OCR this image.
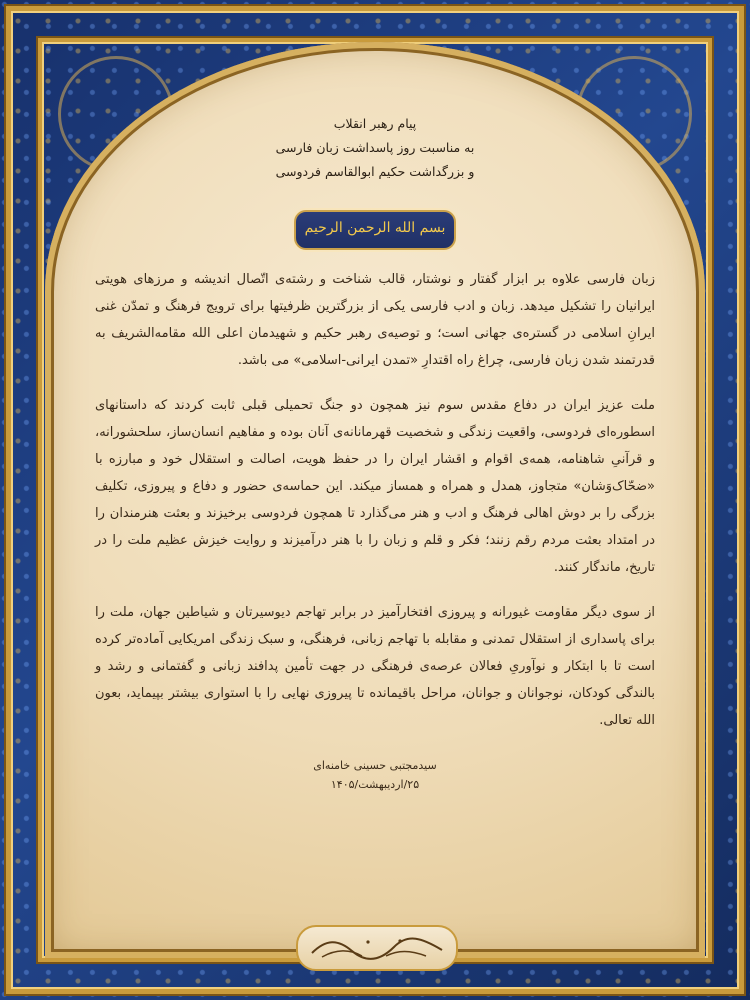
پیام رهبر انقلاب
به مناسبت روز پاسداشت زبان فارسی
و بزرگداشت حکیم ابوالقاسم فردوسی
بسم الله الرحمن الرحیم

زبان فارسی علاوه بر ابزار گفتار و نوشتار، قالب شناخت و رشته‌ی اتّصال اندیشه و مرزهای هویتی ایرانیان را تشکیل میدهد. زبان و ادب فارسی یکی از بزرگترین ظرفیتها برای ترویج فرهنگ و تمدّن غنی ایرانِ اسلامی در گستره‌ی جهانی است؛ و توصیه‌ی رهبر حکیم و شهیدمان اعلی الله مقامه‌الشریف به قدرتمند شدن زبان فارسی، چراغ راه اقتدارِ «تمدن ایرانی-اسلامی» می باشد.

ملت عزیز ایران در دفاع مقدس سوم نیز همچون دو جنگ تحمیلی قبلی ثابت کردند که داستانهای اسطوره‌ای فردوسی، واقعیت زندگی و شخصیت قهرمانانه‌ی آنان بوده و مفاهیم انسان‌ساز، سلحشورانه، و قرآنیِ شاهنامه، همه‌ی اقوام و اقشار ایران را در حفظ هویت، اصالت و استقلال خود و مبارزه با «ضحّاک‌وَشان» متجاوز، همدل و همراه و همساز میکند. این حماسه‌ی حضور و دفاع و پیروزی، تکلیف بزرگی را بر دوش اهالی فرهنگ و ادب و هنر می‌گذارد تا همچون فردوسی برخیزند و بعثت هنرمندان را در امتداد بعثت مردم رقم زنند؛ فکر و قلم و زبان را با هنر درآمیزند و روایت خیزش عظیم ملت را در تاریخ، ماندگار کنند.

از سوی دیگر مقاومت غیورانه و پیروزی افتخارآمیز در برابر تهاجم دیوسیرتان و شیاطین جهان، ملت را برای پاسداری از استقلال تمدنی و مقابله با تهاجم زبانی، فرهنگی، و سبک زندگی امریکایی آماده‌تر کرده است تا با ابتکار و نوآوریِ فعالان عرصه‌ی فرهنگی در جهت تأمین پدافند زبانی و گفتمانی و رشد و بالندگی کودکان، نوجوانان و جوانان، مراحل باقیمانده تا پیروزی نهایی را با استواری بیشتر بپیماید، بعون الله تعالی.

سیدمجتبی حسینی خامنه‌ای
۲۵/اردیبهشت/۱۴۰۵
